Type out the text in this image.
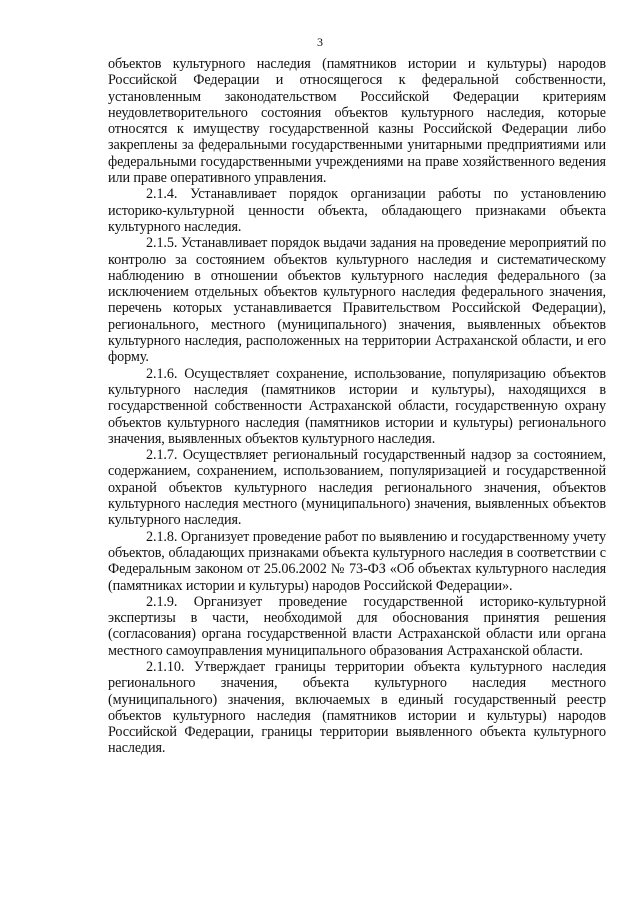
3

объектов культурного наследия (памятников истории и культуры) народов Российской Федерации и относящегося к федеральной собственности, установленным законодательством Российской Федерации критериям неудовлетворительного состояния объектов культурного наследия, которые относятся к имуществу государственной казны Российской Федерации либо закреплены за федеральными государственными унитарными предприятиями или федеральными государственными учреждениями на праве хозяйственного ведения или праве оперативного управления.

2.1.4. Устанавливает порядок организации работы по установлению историко-культурной ценности объекта, обладающего признаками объекта культурного наследия.

2.1.5. Устанавливает порядок выдачи задания на проведение мероприятий по контролю за состоянием объектов культурного наследия и систематическому наблюдению в отношении объектов культурного наследия федерального (за исключением отдельных объектов культурного наследия федерального значения, перечень которых устанавливается Правительством Российской Федерации), регионального, местного (муниципального) значения, выявленных объектов культурного наследия, расположенных на территории Астраханской области, и его форму.

2.1.6. Осуществляет сохранение, использование, популяризацию объектов культурного наследия (памятников истории и культуры), находящихся в государственной собственности Астраханской области, государственную охрану объектов культурного наследия (памятников истории и культуры) регионального значения, выявленных объектов культурного наследия.

2.1.7. Осуществляет региональный государственный надзор за состоянием, содержанием, сохранением, использованием, популяризацией и государственной охраной объектов культурного наследия регионального значения, объектов культурного наследия местного (муниципального) значения, выявленных объектов культурного наследия.

2.1.8. Организует проведение работ по выявлению и государственному учету объектов, обладающих признаками объекта культурного наследия в соответствии с Федеральным законом от 25.06.2002 № 73-ФЗ «Об объектах культурного наследия (памятниках истории и культуры) народов Российской Федерации».

2.1.9. Организует проведение государственной историко-культурной экспертизы в части, необходимой для обоснования принятия решения (согласования) органа государственной власти Астраханской области или органа местного самоуправления муниципального образования Астраханской области.

2.1.10. Утверждает границы территории объекта культурного наследия регионального значения, объекта культурного наследия местного (муниципального) значения, включаемых в единый государственный реестр объектов культурного наследия (памятников истории и культуры) народов Российской Федерации, границы территории выявленного объекта культурного наследия.
